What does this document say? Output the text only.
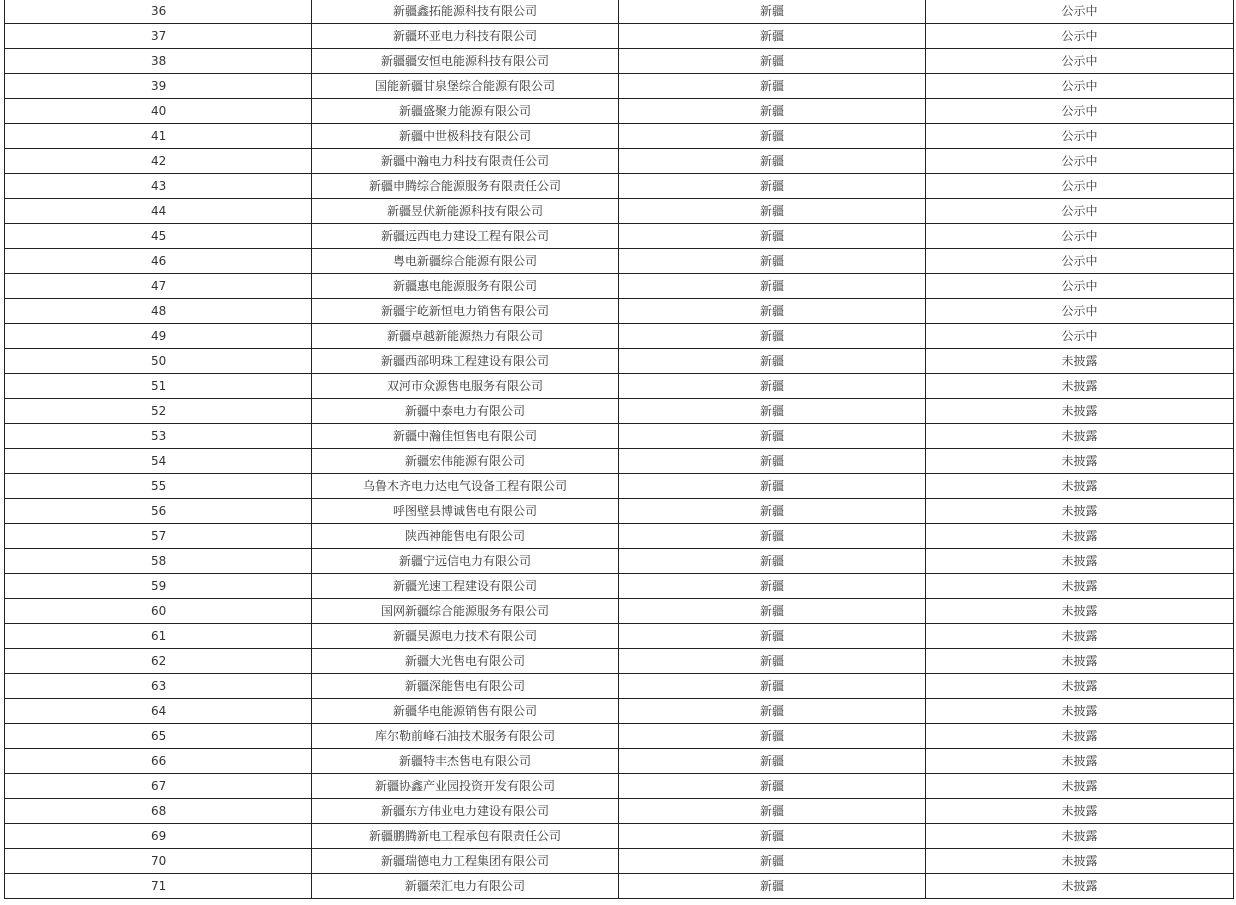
36	新疆鑫拓能源科技有限公司	新疆	公示中
37	新疆环亚电力科技有限公司	新疆	公示中
38	新疆疆安恒电能源科技有限公司	新疆	公示中
39	国能新疆甘泉堡综合能源有限公司	新疆	公示中
40	新疆盛聚力能源有限公司	新疆	公示中
41	新疆中世极科技有限公司	新疆	公示中
42	新疆中瀚电力科技有限责任公司	新疆	公示中
43	新疆申腾综合能源服务有限责任公司	新疆	公示中
44	新疆昱伏新能源科技有限公司	新疆	公示中
45	新疆远西电力建设工程有限公司	新疆	公示中
46	粤电新疆综合能源有限公司	新疆	公示中
47	新疆惠电能源服务有限公司	新疆	公示中
48	新疆宇屹新恒电力销售有限公司	新疆	公示中
49	新疆卓越新能源热力有限公司	新疆	公示中
50	新疆西部明珠工程建设有限公司	新疆	未披露
51	双河市众源售电服务有限公司	新疆	未披露
52	新疆中泰电力有限公司	新疆	未披露
53	新疆中瀚佳恒售电有限公司	新疆	未披露
54	新疆宏伟能源有限公司	新疆	未披露
55	乌鲁木齐电力达电气设备工程有限公司	新疆	未披露
56	呼图壁县博诚售电有限公司	新疆	未披露
57	陕西神能售电有限公司	新疆	未披露
58	新疆宁远信电力有限公司	新疆	未披露
59	新疆光速工程建设有限公司	新疆	未披露
60	国网新疆综合能源服务有限公司	新疆	未披露
61	新疆昊源电力技术有限公司	新疆	未披露
62	新疆大光售电有限公司	新疆	未披露
63	新疆深能售电有限公司	新疆	未披露
64	新疆华电能源销售有限公司	新疆	未披露
65	库尔勒前峰石油技术服务有限公司	新疆	未披露
66	新疆特丰杰售电有限公司	新疆	未披露
67	新疆协鑫产业园投资开发有限公司	新疆	未披露
68	新疆东方伟业电力建设有限公司	新疆	未披露
69	新疆鹏腾新电工程承包有限责任公司	新疆	未披露
70	新疆瑞德电力工程集团有限公司	新疆	未披露
71	新疆荣汇电力有限公司	新疆	未披露
